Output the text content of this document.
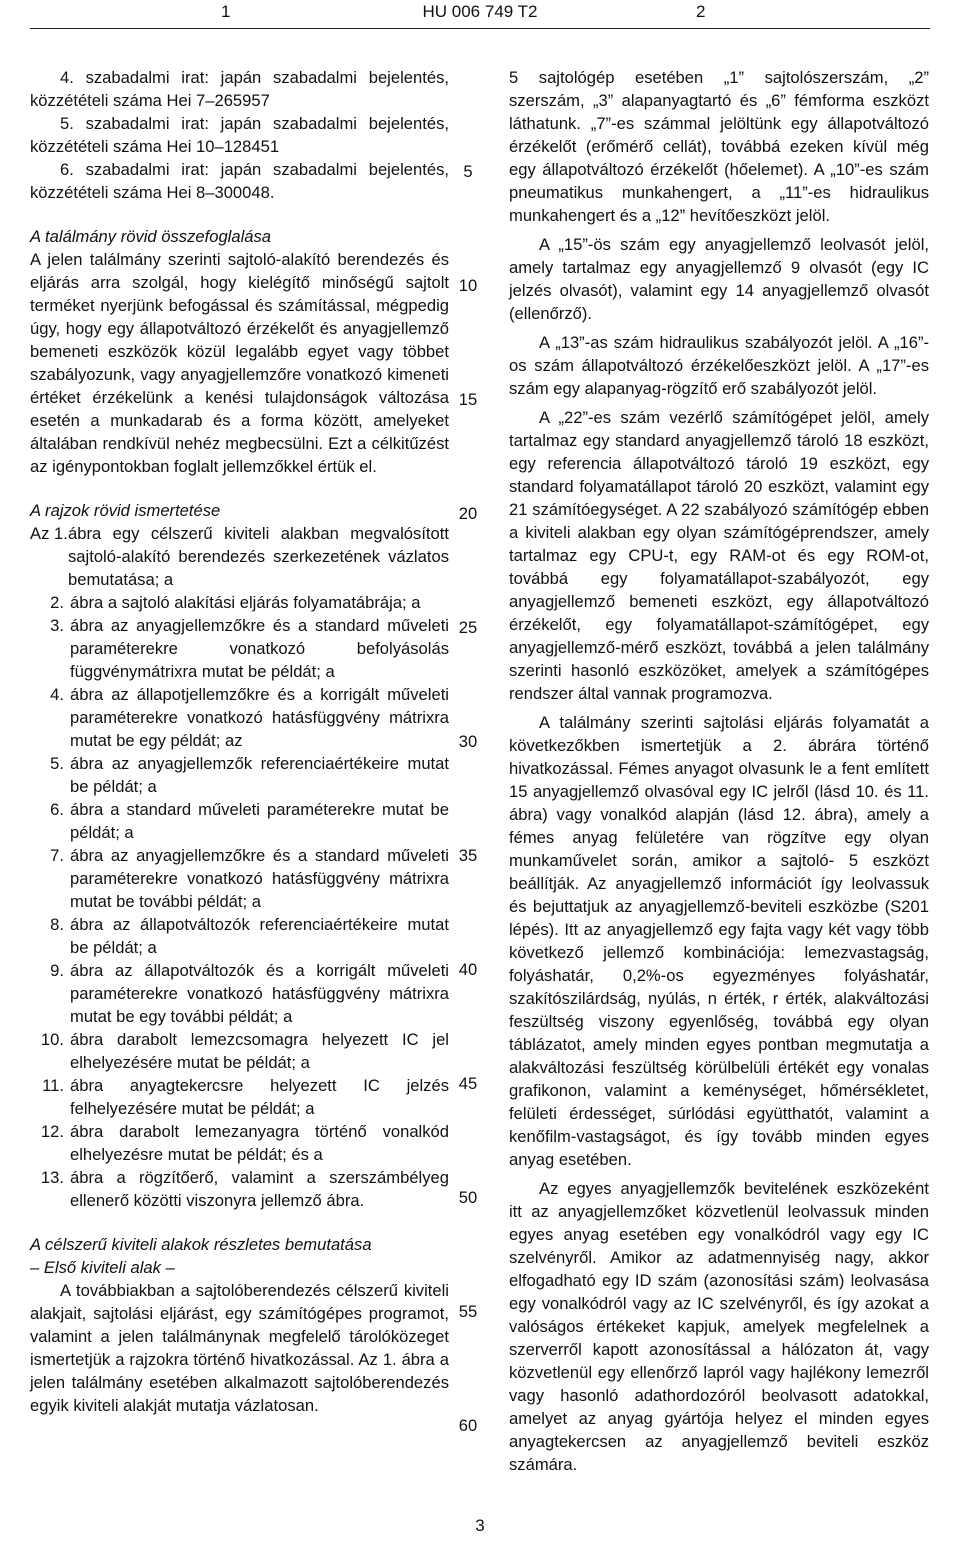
1	HU 006 749 T2	2

4. szabadalmi irat: japán szabadalmi bejelentés, közzétételi száma Hei 7–265957

5. szabadalmi irat: japán szabadalmi bejelentés, közzétételi száma Hei 10–128451

6. szabadalmi irat: japán szabadalmi bejelentés, közzétételi száma Hei 8–300048.

A találmány rövid összefoglalása

A jelen találmány szerinti sajtoló-alakító berendezés és eljárás arra szolgál, hogy kielégítő minőségű sajtolt terméket nyerjünk befogással és számítással, mégpedig úgy, hogy egy állapotváltozó érzékelőt és anyagjellemző bemeneti eszközök közül legalább egyet vagy többet szabályozunk, vagy anyagjellemzőre vonatkozó kimeneti értéket érzékelünk a kenési tulajdonságok változása esetén a munkadarab és a forma között, amelyeket általában rendkívül nehéz megbecsülni. Ezt a célkitűzést az igénypontokban foglalt jellemzőkkel értük el.

A rajzok rövid ismertetése

Az 1. ábra egy célszerű kiviteli alakban megvalósított sajtoló-alakító berendezés szerkezetének vázlatos bemutatása; a
2. ábra a sajtoló alakítási eljárás folyamatábrája; a
3. ábra az anyagjellemzőkre és a standard műveleti paraméterekre vonatkozó befolyásolás függvénymátrixra mutat be példát; a
4. ábra az állapotjellemzőkre és a korrigált műveleti paraméterekre vonatkozó hatásfüggvény mátrixra mutat be egy példát; az
5. ábra az anyagjellemzők referenciaértékeire mutat be példát; a
6. ábra a standard műveleti paraméterekre mutat be példát; a
7. ábra az anyagjellemzőkre és a standard műveleti paraméterekre vonatkozó hatásfüggvény mátrixra mutat be további példát; a
8. ábra az állapotváltozók referenciaértékeire mutat be példát; a
9. ábra az állapotváltozók és a korrigált műveleti paraméterekre vonatkozó hatásfüggvény mátrixra mutat be egy további példát; a
10. ábra darabolt lemezcsomagra helyezett IC jel elhelyezésére mutat be példát; a
11. ábra anyagtekercsre helyezett IC jelzés felhelyezésére mutat be példát; a
12. ábra darabolt lemezanyagra történő vonalkód elhelyezésre mutat be példát; és a
13. ábra a rögzítőerő, valamint a szerszámbélyeg ellenerő közötti viszonyra jellemző ábra.

A célszerű kiviteli alakok részletes bemutatása

– Első kiviteli alak –

A továbbiakban a sajtolóberendezés célszerű kiviteli alakjait, sajtolási eljárást, egy számítógépes programot, valamint a jelen találmánynak megfelelő tárolóközeget ismertetjük a rajzokra történő hivatkozással. Az 1. ábra a jelen találmány esetében alkalmazott sajtolóberendezés egyik kiviteli alakját mutatja vázlatosan.

5
10
15
20
25
30
35
40
45
50
55
60

5 sajtológép esetében „1” sajtolószerszám, „2” szerszám, „3” alapanyagtartó és „6” fémforma eszközt láthatunk. „7”-es számmal jelöltünk egy állapotváltozó érzékelőt (erőmérő cellát), továbbá ezeken kívül még egy állapotváltozó érzékelőt (hőelemet). A „10”-es szám pneumatikus munkahengert, a „11”-es hidraulikus munkahengert és a „12” hevítőeszközt jelöl.

A „15”-ös szám egy anyagjellemző leolvasót jelöl, amely tartalmaz egy anyagjellemző 9 olvasót (egy IC jelzés olvasót), valamint egy 14 anyagjellemző olvasót (ellenőrző).

A „13”-as szám hidraulikus szabályozót jelöl. A „16”-os szám állapotváltozó érzékelőeszközt jelöl. A „17”-es szám egy alapanyag-rögzítő erő szabályozót jelöl.

A „22”-es szám vezérlő számítógépet jelöl, amely tartalmaz egy standard anyagjellemző tároló 18 eszközt, egy referencia állapotváltozó tároló 19 eszközt, egy standard folyamatállapot tároló 20 eszközt, valamint egy 21 számítóegységet. A 22 szabályozó számítógép ebben a kiviteli alakban egy olyan számítógéprendszer, amely tartalmaz egy CPU-t, egy RAM-ot és egy ROM-ot, továbbá egy folyamatállapot-szabályozót, egy anyagjellemző bemeneti eszközt, egy állapotváltozó érzékelőt, egy folyamatállapot-számítógépet, egy anyagjellemző-mérő eszközt, továbbá a jelen találmány szerinti hasonló eszközöket, amelyek a számítógépes rendszer által vannak programozva.

A találmány szerinti sajtolási eljárás folyamatát a következőkben ismertetjük a 2. ábrára történő hivatkozással. Fémes anyagot olvasunk le a fent említett 15 anyagjellemző olvasóval egy IC jelről (lásd 10. és 11. ábra) vagy vonalkód alapján (lásd 12. ábra), amely a fémes anyag felületére van rögzítve egy olyan munkaművelet során, amikor a sajtoló- 5 eszközt beállítják. Az anyagjellemző információt így leolvassuk és bejuttatjuk az anyagjellemző-beviteli eszközbe (S201 lépés). Itt az anyagjellemző egy fajta vagy két vagy több következő jellemző kombinációja: lemezvastagság, folyáshatár, 0,2%-os egyezményes folyáshatár, szakítószilárdság, nyúlás, n érték, r érték, alakváltozási feszültség viszony egyenlőség, továbbá egy olyan táblázatot, amely minden egyes pontban megmutatja a alakváltozási feszültség körülbelüli értékét egy vonalas grafikonon, valamint a keménységet, hőmérsékletet, felületi érdességet, súrlódási együtthatót, valamint a kenőfilm-vastagságot, és így tovább minden egyes anyag esetében.

Az egyes anyagjellemzők bevitelének eszközeként itt az anyagjellemzőket közvetlenül leolvassuk minden egyes anyag esetében egy vonalkódról vagy egy IC szelvényről. Amikor az adatmennyiség nagy, akkor elfogadható egy ID szám (azonosítási szám) leolvasása egy vonalkódról vagy az IC szelvényről, és így azokat a valóságos értékeket kapjuk, amelyek megfelelnek a szerverről kapott azonosítással a hálózaton át, vagy közvetlenül egy ellenőrző lapról vagy hajlékony lemezről vagy hasonló adathordozóról beolvasott adatokkal, amelyet az anyag gyártója helyez el minden egyes anyagtekercsen az anyagjellemző beviteli eszköz számára.

3
